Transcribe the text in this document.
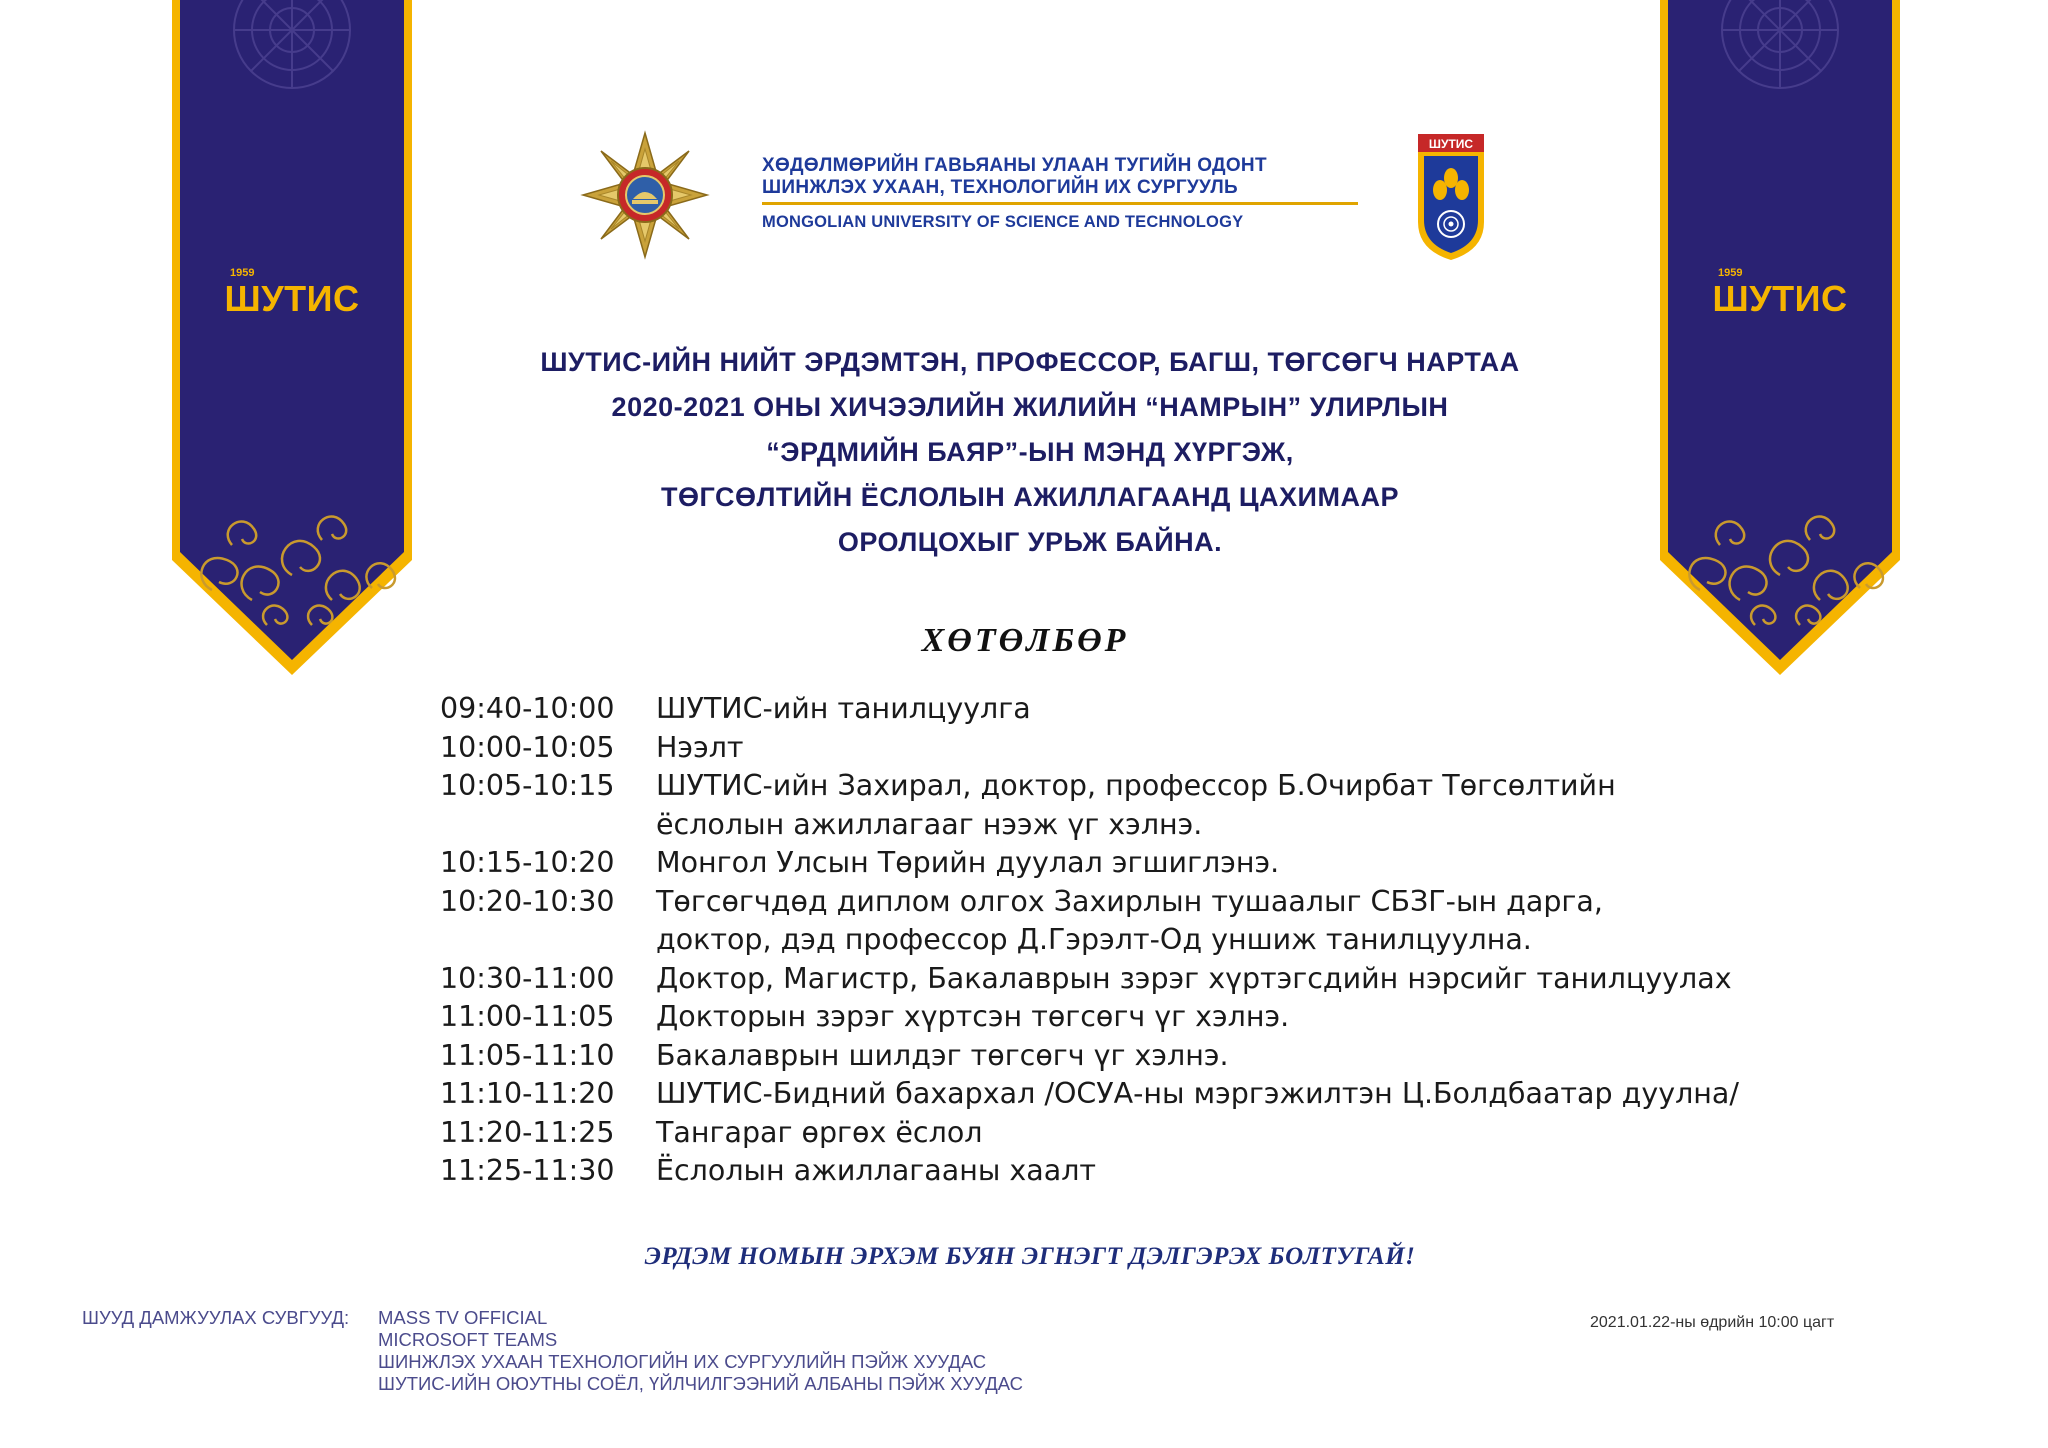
1959
ШУТИС
1959
ШУТИС
ХӨДӨЛМӨРИЙН ГАВЬЯАНЫ УЛААН ТУГИЙН ОДОНТ
ШИНЖЛЭХ УХААН, ТЕХНОЛОГИЙН ИХ СУРГУУЛЬ
MONGOLIAN UNIVERSITY OF SCIENCE AND TECHNOLOGY
ШУТИС
ШУТИС-ИЙН НИЙТ ЭРДЭМТЭН, ПРОФЕССОР, БАГШ, ТӨГСӨГЧ НАРТАА
2020-2021 ОНЫ ХИЧЭЭЛИЙН ЖИЛИЙН “НАМРЫН” УЛИРЛЫН
“ЭРДМИЙН БАЯР”-ЫН МЭНД ХҮРГЭЖ,
ТӨГСӨЛТИЙН ЁСЛОЛЫН АЖИЛЛАГААНД ЦАХИМААР
ОРОЛЦОХЫГ УРЬЖ БАЙНА.
ХӨТӨЛБӨР
09:40-10:00	ШУТИС-ийн танилцуулга
10:00-10:05	Нээлт
10:05-10:15	ШУТИС-ийн Захирал, доктор, профессор Б.Очирбат Төгсөлтийн
ёслолын ажиллагааг нээж үг хэлнэ.
10:15-10:20	Монгол Улсын Төрийн дуулал эгшиглэнэ.
10:20-10:30	Төгсөгчдөд диплом олгох Захирлын тушаалыг СБЗГ-ын дарга,
доктор, дэд профессор Д.Гэрэлт-Од уншиж танилцуулна.
10:30-11:00	Доктор, Магистр, Бакалаврын зэрэг хүртэгсдийн нэрсийг танилцуулах
11:00-11:05	Докторын зэрэг хүртсэн төгсөгч үг хэлнэ.
11:05-11:10	Бакалаврын шилдэг төгсөгч үг хэлнэ.
11:10-11:20	ШУТИС-Бидний бахархал /ОСУА-ны мэргэжилтэн Ц.Болдбаатар дуулна/
11:20-11:25	Тангараг өргөх ёслол
11:25-11:30	Ёслолын ажиллагааны хаалт
ЭРДЭМ НОМЫН ЭРХЭМ БУЯН ЭГНЭГТ ДЭЛГЭРЭХ БОЛТУГАЙ!
ШУУД ДАМЖУУЛАХ СУВГУУД:	MASS TV OFFICIAL
MICROSOFT TEAMS
ШИНЖЛЭХ УХААН ТЕХНОЛОГИЙН ИХ СУРГУУЛИЙН ПЭЙЖ ХУУДАС
ШУТИС-ИЙН ОЮУТНЫ СОЁЛ, ҮЙЛЧИЛГЭЭНИЙ АЛБАНЫ ПЭЙЖ ХУУДАС
2021.01.22-ны өдрийн 10:00 цагт
